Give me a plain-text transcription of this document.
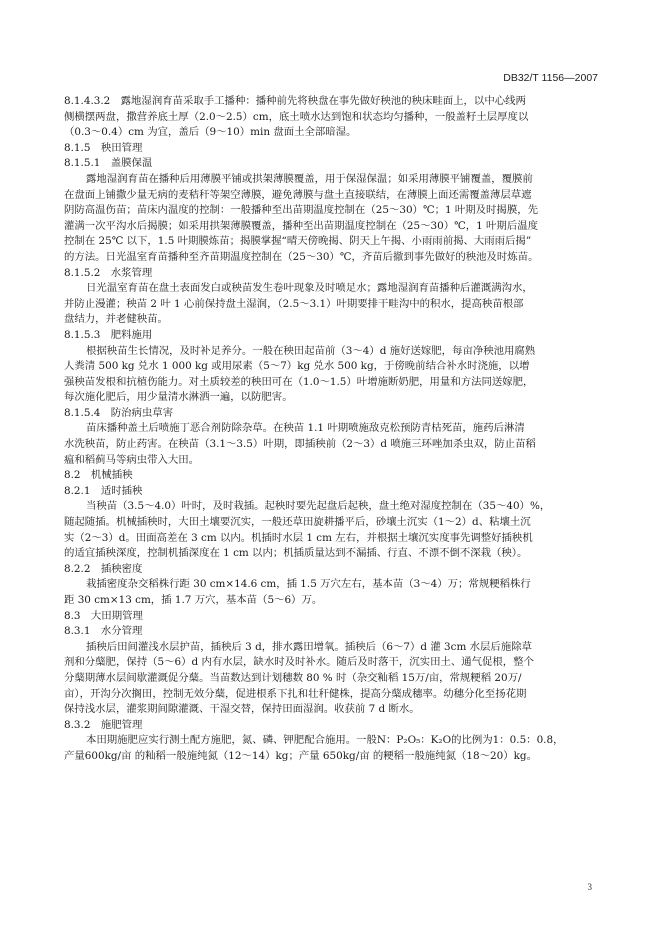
DB32/T 1156—2007
8.1.4.3.2　露地湿润育苗采取手工播种：播种前先将秧盘在事先做好秧池的秧床畦面上，以中心线两
侧横摆两盘，撒营养底土厚（2.0～2.5）cm，底土喷水达到饱和状态均匀播种，一般盖籽土层厚度以
（0.3～0.4）cm 为宜，盖后（9～10）min 盘面土全部暗湿。
8.1.5　秧田管理
8.1.5.1　盖膜保温
露地湿润育苗在播种后用薄膜平铺或拱架薄膜覆盖，用于保湿保温；如采用薄膜平铺覆盖，覆膜前
在盘面上铺撒少量无病的麦秸秆等架空薄膜，避免薄膜与盘土直接联结，在薄膜上面还需覆盖薄层草遮
阴防高温伤苗；苗床内温度的控制：一般播种至出苗期温度控制在（25～30）℃；1 叶期及时揭膜，先
灌满一次平沟水后揭膜；如采用拱架薄膜覆盖，播种至出苗期温度控制在（25～30）℃，1 叶期后温度
控制在 25℃ 以下，1.5 叶期膜炼苗；揭膜掌握“晴天傍晚揭、阴天上午揭、小雨雨前揭、大雨雨后揭”
的方法。日光温室育苗播种至齐苗期温度控制在（25～30）℃，齐苗后撤到事先做好的秧池及时炼苗。
8.1.5.2　水浆管理
日光温室育苗在盘土表面发白或秧苗发生卷叶现象及时喷足水；露地湿润育苗播种后灌溉满沟水，
并防止漫灌；秧苗 2 叶 1 心前保持盘土湿润，（2.5～3.1）叶期要排干畦沟中的积水，提高秧苗根部
盘结力，并老健秧苗。
8.1.5.3　肥料施用
根据秧苗生长情况，及时补足养分。一般在秧田起苗前（3～4）d 施好送嫁肥，每亩净秧池用腐熟
人粪清 500 kg 兑水 1 000 kg 或用尿素（5～7）kg 兑水 500 kg，于傍晚前结合补水时浇施，以增
强秧苗发根和抗植伤能力。对土质较差的秧田可在（1.0～1.5）叶增施断奶肥，用量和方法同送嫁肥，
每次施化肥后，用少量清水淋洒一遍，以防肥害。
8.1.5.4　防治病虫草害
苗床播种盖土后喷施丁恶合剂防除杂草。在秧苗 1.1 叶期喷施敌克松预防青枯死苗，施药后淋清
水洗秧苗，防止药害。在秧苗（3.1～3.5）叶期，即插秧前（2～3）d 喷施三环唑加杀虫双，防止苗稻
瘟和稻蓟马等病虫带入大田。
8.2　机械插秧
8.2.1　适时插秧
当秧苗（3.5～4.0）叶时，及时栽插。起秧时要先起盘后起秧，盘土绝对湿度控制在（35～40）%，
随起随插。机械插秧时，大田土壤要沉实，一般还草田旋耕播平后，砂壤土沉实（1～2）d、粘壤土沉
实（2～3）d。田面高差在 3 cm 以内。机插时水层 1 cm 左右，并根据土壤沉实度事先调整好插秧机
的适宜插秧深度，控制机插深度在 1 cm 以内；机插质量达到不漏插、行直、不漂不倒不深栽（秧）。
8.2.2　插秧密度
栽插密度杂交稻株行距 30 cm×14.6 cm，插 1.5 万穴左右，基本苗（3～4）万；常规粳稻株行
距 30 cm×13 cm，插 1.7 万穴，基本苗（5～6）万。
8.3　大田期管理
8.3.1　水分管理
插秧后田间灌浅水层护苗，插秧后 3 d，排水露田增氧。插秧后（6～7）d 灌 3cm 水层后施除草
剂和分蘖肥，保持（5～6）d 内有水层，缺水时及时补水。随后及时落干，沉实田土、通气促根，整个
分蘖期薄水层间歇灌溉促分蘖。当苗数达到计划穗数 80 % 时（杂交籼稻 15万/亩，常规粳稻 20万/
亩），开沟分次搁田，控制无效分蘖，促进根系下扎和壮秆健株，提高分蘖成穗率。幼穗分化至扬花期
保持浅水层，灌浆期间隙灌溉、干湿交替，保持田面湿润。收获前 7 d 断水。
8.3.2　施肥管理
本田期施肥应实行测土配方施肥，氮、磷、钾肥配合施用。一般N：P₂O₅：K₂O的比例为1：0.5：0.8，
产量600kg/亩 的籼稻一般施纯氮（12～14）kg；产量 650kg/亩 的粳稻一般施纯氮（18～20）kg。
3
